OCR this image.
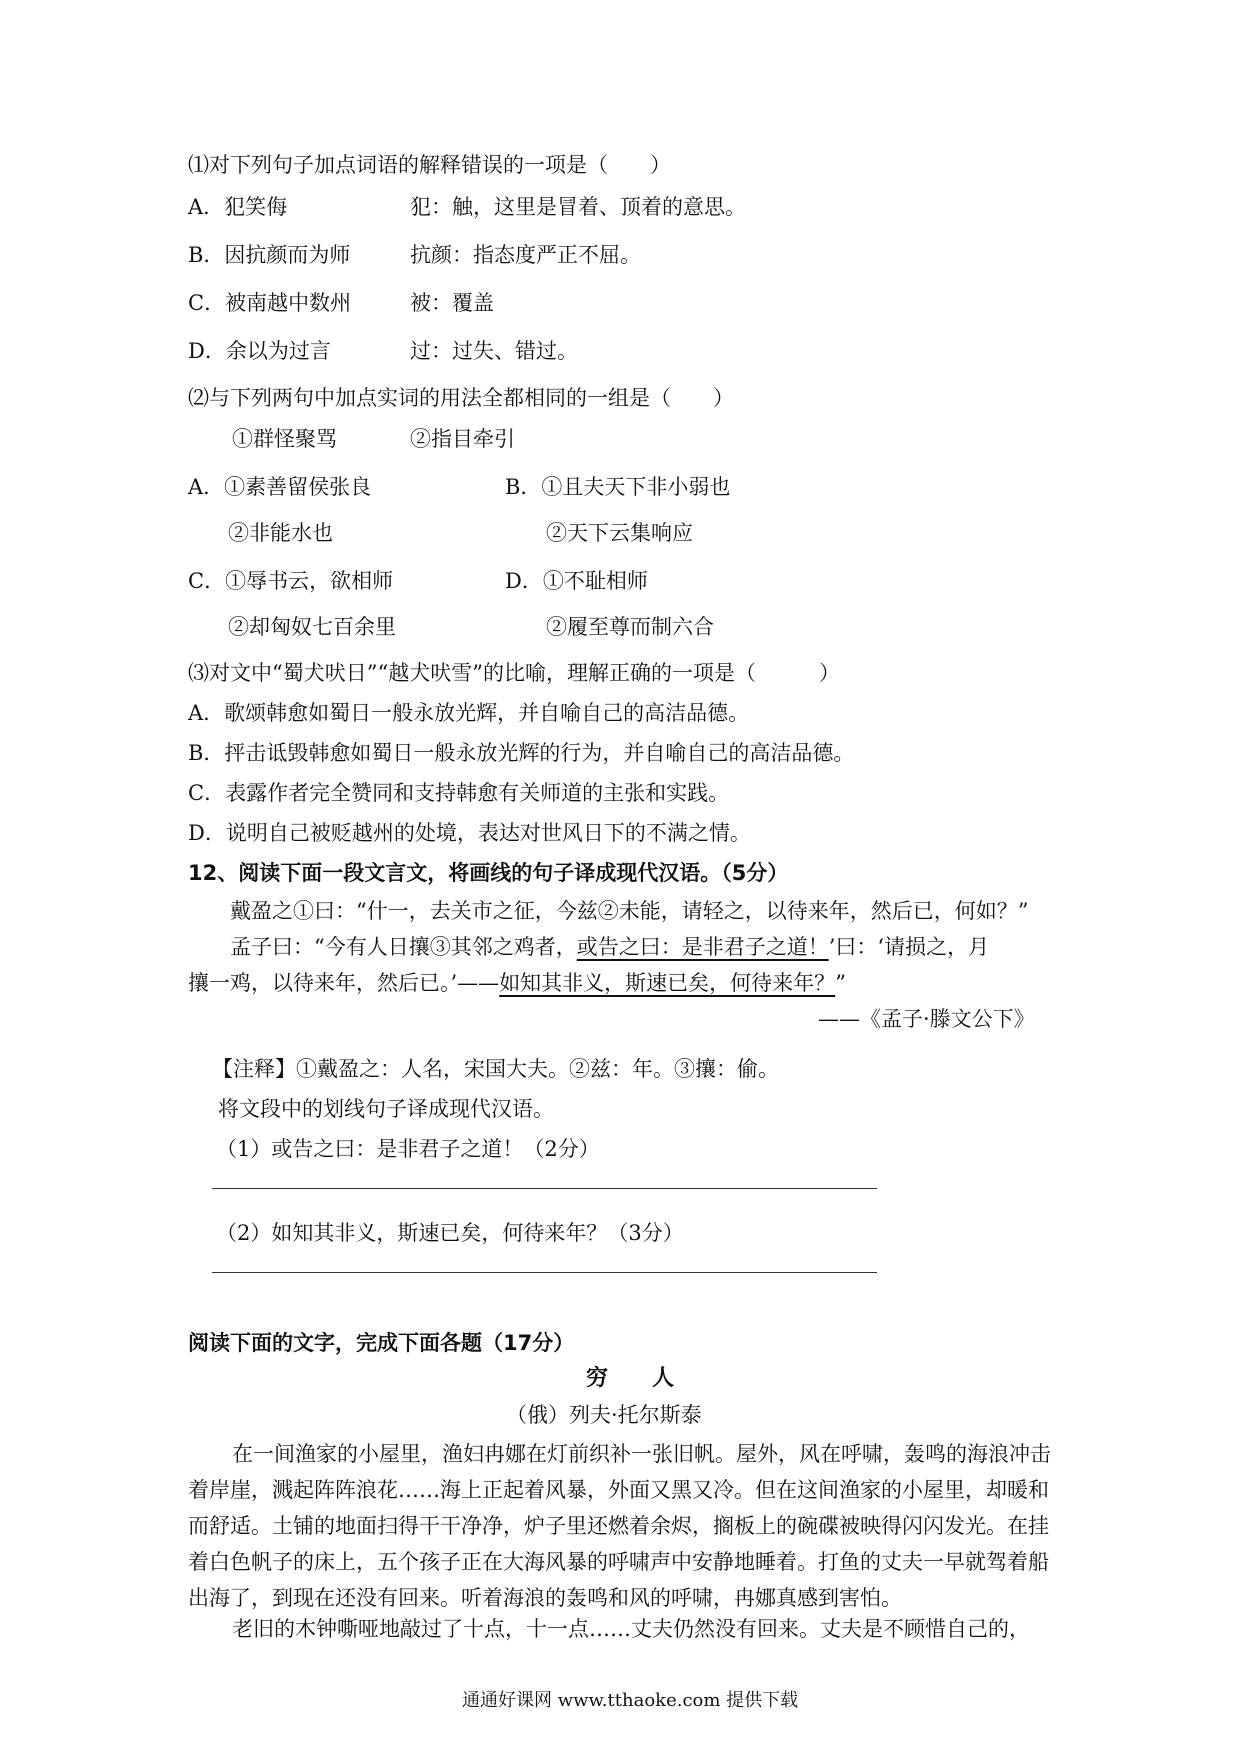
⑴对下列句子加点词语的解释错误的一项是（　　）
A．犯笑侮	犯：触，这里是冒着、顶着的意思。
B．因抗颜而为师	抗颜：指态度严正不屈。
C．被南越中数州	被：覆盖
D．余以为过言	过：过失、错过。
⑵与下列两句中加点实词的用法全都相同的一组是（　　）
①群怪聚骂	②指目牵引
A．①素善留侯张良	B．①且夫天下非小弱也
②非能水也	②天下云集响应
C．①辱书云，欲相师	D．①不耻相师
②却匈奴七百余里	②履至尊而制六合
⑶对文中“蜀犬吠日”“越犬吠雪”的比喻，理解正确的一项是（　　　）
A．歌颂韩愈如蜀日一般永放光辉，并自喻自己的高洁品德。
B．抨击诋毁韩愈如蜀日一般永放光辉的行为，并自喻自己的高洁品德。
C．表露作者完全赞同和支持韩愈有关师道的主张和实践。
D．说明自己被贬越州的处境，表达对世风日下的不满之情。
12、阅读下面一段文言文，将画线的句子译成现代汉语。（5分）
戴盈之①曰：“什一，去关市之征，今兹②未能，请轻之，以待来年，然后已，何如？”
孟子曰：“今有人日攘③其邻之鸡者，或告之曰：是非君子之道！’曰：‘请损之，月
攘一鸡，以待来年，然后已。’——如知其非义，斯速已矣，何待来年？”
——《孟子·滕文公下》
【注释】①戴盈之：人名，宋国大夫。②兹：年。③攘：偷。
将文段中的划线句子译成现代汉语。
（1）或告之曰：是非君子之道！（2分）
（2）如知其非义，斯速已矣，何待来年？（3分）
阅读下面的文字，完成下面各题（17分）
穷　　人
（俄）列夫·托尔斯泰
在一间渔家的小屋里，渔妇冉娜在灯前织补一张旧帆。屋外，风在呼啸，轰鸣的海浪冲击着岸崖，溅起阵阵浪花……海上正起着风暴，外面又黑又冷。但在这间渔家的小屋里，却暖和而舒适。土铺的地面扫得干干净净，炉子里还燃着余烬，搁板上的碗碟被映得闪闪发光。在挂着白色帆子的床上，五个孩子正在大海风暴的呼啸声中安静地睡着。打鱼的丈夫一早就驾着船出海了，到现在还没有回来。听着海浪的轰鸣和风的呼啸，冉娜真感到害怕。
老旧的木钟嘶哑地敲过了十点，十一点……丈夫仍然没有回来。丈夫是不顾惜自己的，
通通好课网 www.tthaoke.com 提供下载
